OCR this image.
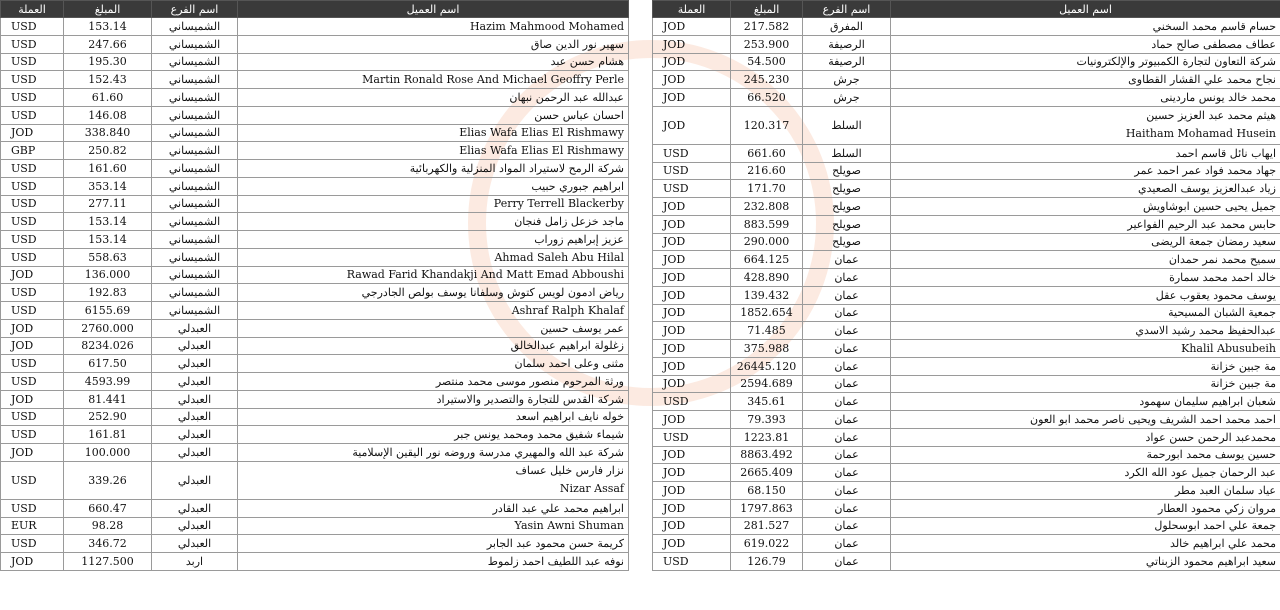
العملة	المبلغ	اسم الفرع	اسم العميل
USD	153.14	الشميساني	Hazim Mahmood Mohamed
USD	247.66	الشميساني	سهير نور الدين صاق
USD	195.30	الشميساني	هشام حسن عبد
USD	152.43	الشميساني	Martin Ronald Rose And Michael Geoffry Perle
USD	61.60	الشميساني	عبدالله عبد الرحمن نبهان
USD	146.08	الشميساني	احسان عباس حسن
JOD	338.840	الشميساني	Elias Wafa Elias El Rishmawy
GBP	250.82	الشميساني	Elias Wafa Elias El Rishmawy
USD	161.60	الشميساني	شركة الرمح لاستيراد المواد المنزلية والكهربائية
USD	353.14	الشميساني	ابراهيم جبوري حبيب
USD	277.11	الشميساني	Perry Terrell Blackerby
USD	153.14	الشميساني	ماجد خزعل زامل فنجان
USD	153.14	الشميساني	عزيز إبراهيم زوراب
USD	558.63	الشميساني	Ahmad Saleh Abu Hilal
JOD	136.000	الشميساني	Rawad Farid Khandakji And Matt Emad Abboushi
USD	192.83	الشميساني	رياض ادمون لويس كتوش وسلفانا يوسف بولص الجادرجي
USD	6155.69	الشميساني	Ashraf Ralph Khalaf
JOD	2760.000	العبدلي	عمر يوسف حسين
JOD	8234.026	العبدلي	زغلولة ابراهيم عبدالخالق
USD	617.50	العبدلي	مثنى وعلى احمد سلمان
USD	4593.99	العبدلي	ورثة المرحوم منصور موسى محمد منتصر
JOD	81.441	العبدلي	شركة القدس للتجارة والتصدير والاستيراد
USD	252.90	العبدلي	خوله نايف ابراهيم اسعد
USD	161.81	العبدلي	شيماء شفيق محمد ومحمد يونس جبر
JOD	100.000	العبدلي	شركة عبد الله والمهيري مدرسة وروضه نور اليقين الإسلامية
USD	339.26	العبدلي	نزار فارس خليل عساف
Nizar Assaf

USD	660.47	العبدلي	ابراهيم محمد علي عبد القادر
EUR	98.28	العبدلي	Yasin Awni Shuman
USD	346.72	العبدلي	كريمة حسن محمود عبد الجابر
JOD	1127.500	اربد	نوفه عبد اللطيف احمد زلموط
العملة	المبلغ	اسم الفرع	اسم العميل
JOD	217.582	المفرق	حسام قاسم محمد السخني
JOD	253.900	الرصيفة	عطاف مصطفى صالح حماد
JOD	54.500	الرصيفة	شركة التعاون لتجارة الكمبيوتر والإلكترونيات
JOD	245.230	جرش	نجاح محمد علي القشار القطاوى
JOD	66.520	جرش	محمد خالد يونس ماردينى
JOD	120.317	السلط	هيثم محمد عبد العزيز حسين
Haitham Mohamad Husein

USD	661.60	السلط	ايهاب نائل قاسم احمد
USD	216.60	صويلح	جهاد محمد فواد عمر احمد عمر
USD	171.70	صويلح	زياد عبدالعزيز يوسف الصعيدي
JOD	232.808	صويلح	جميل يحيى حسين ابوشاويش
JOD	883.599	صويلح	حابس محمد عبد الرحيم الفواعير
JOD	290.000	صويلح	سعيد رمضان جمعة الريضى
JOD	664.125	عمان	سميح محمد نمر حمدان
JOD	428.890	عمان	خالد احمد محمد سمارة
JOD	139.432	عمان	يوسف محمود يعقوب عقل
JOD	1852.654	عمان	جمعية الشبان المسيحية
JOD	71.485	عمان	عبدالحفيظ محمد رشيد الاسدي
JOD	375.988	عمان	Khalil Abusubeih
JOD	26445.120	عمان	مة جبين خزانة
JOD	2594.689	عمان	مة جبين خزانة
USD	345.61	عمان	شعبان ابراهيم سليمان سهمود
JOD	79.393	عمان	احمد محمد احمد الشريف ويحيى ناصر محمد ابو العون
USD	1223.81	عمان	محمدعبد الرحمن حسن عواد
JOD	8863.492	عمان	حسين يوسف محمد ابورحمة
JOD	2665.409	عمان	عبد الرحمان جميل عود الله الكرد
JOD	68.150	عمان	عياد سلمان العبد مطر
JOD	1797.863	عمان	مروان زكي محمود العطار
JOD	281.527	عمان	جمعة علي احمد ابوسحلول
JOD	619.022	عمان	محمد علي ابراهيم خالد
USD	126.79	عمان	سعيد ابراهيم محمود الزبناتي
